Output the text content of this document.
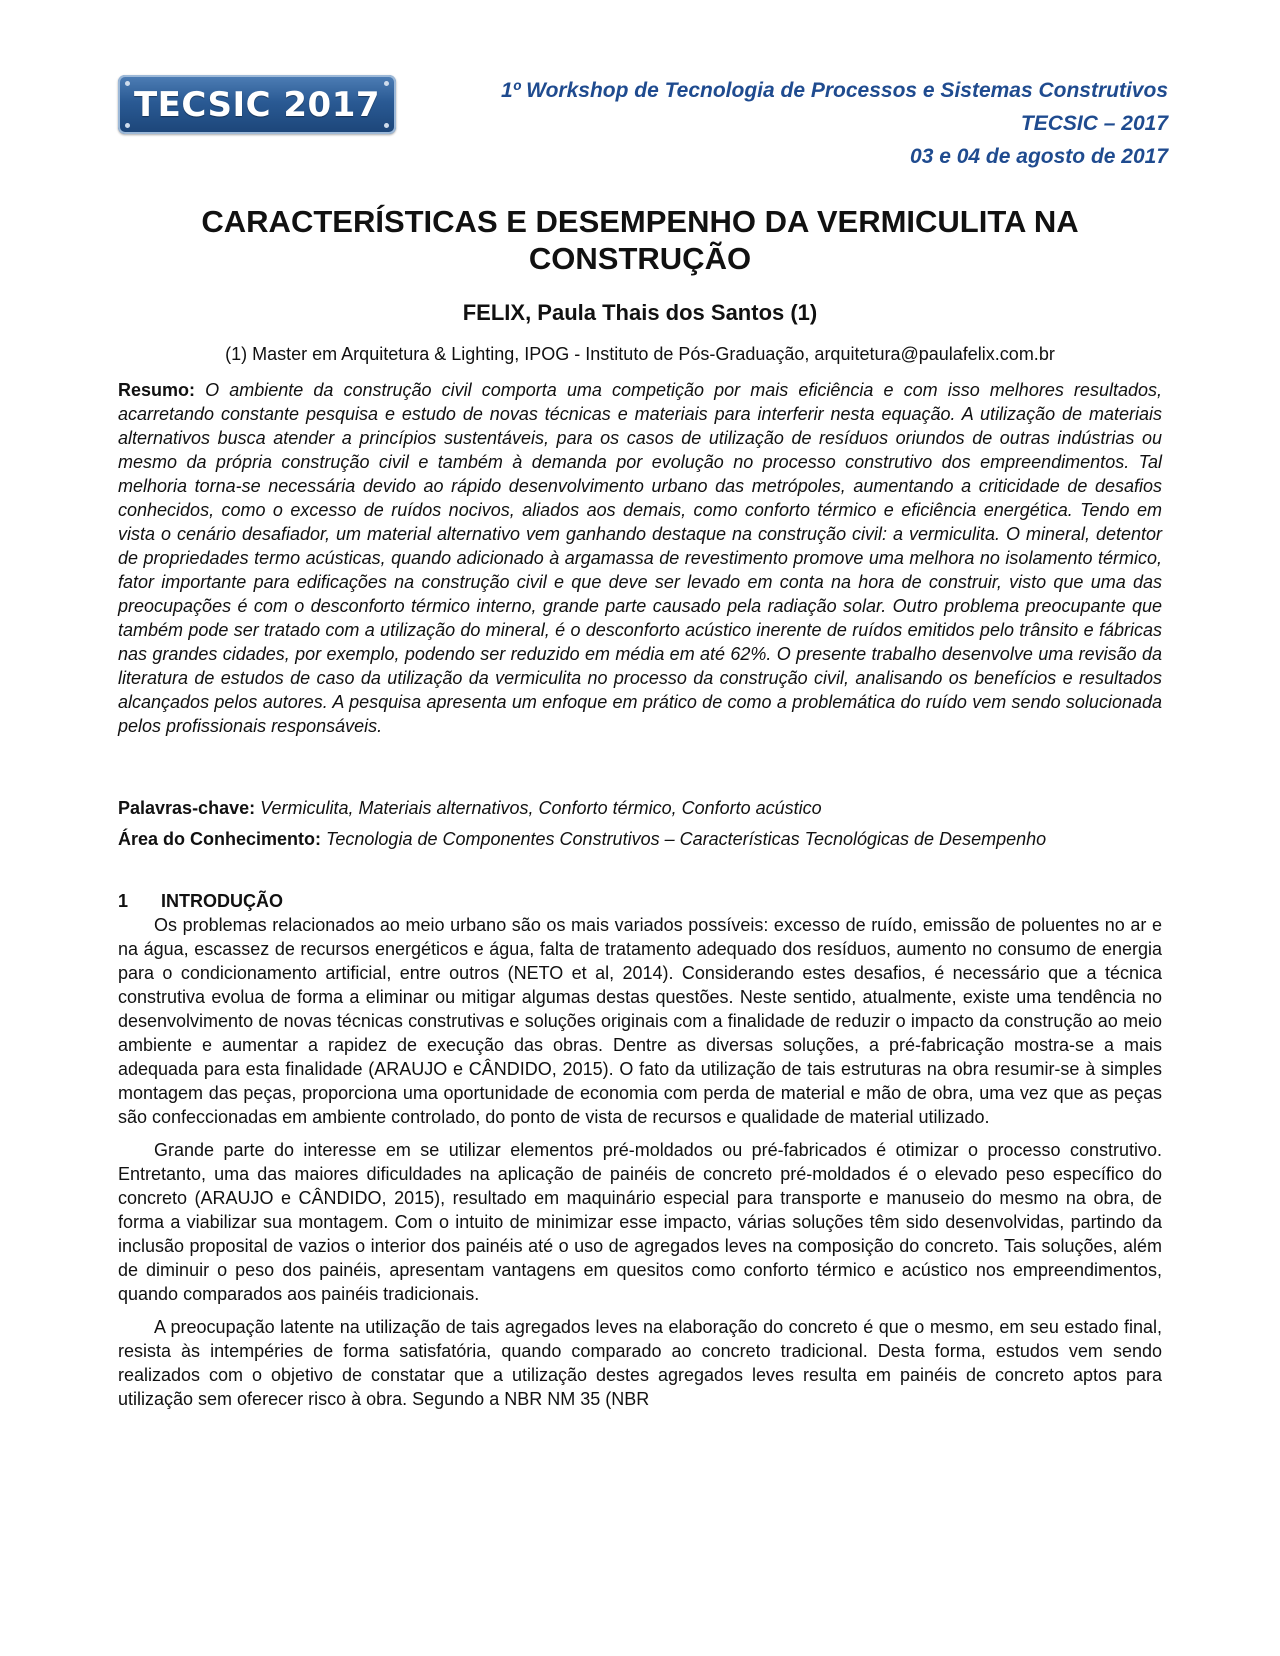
TECSIC 2017	1º Workshop de Tecnologia de Processos e Sistemas Construtivos
TECSIC – 2017
03 e 04 de agosto de 2017
CARACTERÍSTICAS E DESEMPENHO DA VERMICULITA NA CONSTRUÇÃO
FELIX, Paula Thais dos Santos (1)
(1) Master em Arquitetura & Lighting, IPOG - Instituto de Pós-Graduação, arquitetura@paulafelix.com.br
Resumo: O ambiente da construção civil comporta uma competição por mais eficiência e com isso melhores resultados, acarretando constante pesquisa e estudo de novas técnicas e materiais para interferir nesta equação. A utilização de materiais alternativos busca atender a princípios sustentáveis, para os casos de utilização de resíduos oriundos de outras indústrias ou mesmo da própria construção civil e também à demanda por evolução no processo construtivo dos empreendimentos. Tal melhoria torna-se necessária devido ao rápido desenvolvimento urbano das metrópoles, aumentando a criticidade de desafios conhecidos, como o excesso de ruídos nocivos, aliados aos demais, como conforto térmico e eficiência energética. Tendo em vista o cenário desafiador, um material alternativo vem ganhando destaque na construção civil: a vermiculita. O mineral, detentor de propriedades termo acústicas, quando adicionado à argamassa de revestimento promove uma melhora no isolamento térmico, fator importante para edificações na construção civil e que deve ser levado em conta na hora de construir, visto que uma das preocupações é com o desconforto térmico interno, grande parte causado pela radiação solar. Outro problema preocupante que também pode ser tratado com a utilização do mineral, é o desconforto acústico inerente de ruídos emitidos pelo trânsito e fábricas nas grandes cidades, por exemplo, podendo ser reduzido em média em até 62%. O presente trabalho desenvolve uma revisão da literatura de estudos de caso da utilização da vermiculita no processo da construção civil, analisando os benefícios e resultados alcançados pelos autores. A pesquisa apresenta um enfoque em prático de como a problemática do ruído vem sendo solucionada pelos profissionais responsáveis.
Palavras-chave: Vermiculita, Materiais alternativos, Conforto térmico, Conforto acústico
Área do Conhecimento: Tecnologia de Componentes Construtivos – Características Tecnológicas de Desempenho
1 INTRODUÇÃO

Os problemas relacionados ao meio urbano são os mais variados possíveis: excesso de ruído, emissão de poluentes no ar e na água, escassez de recursos energéticos e água, falta de tratamento adequado dos resíduos, aumento no consumo de energia para o condicionamento artificial, entre outros (NETO et al, 2014). Considerando estes desafios, é necessário que a técnica construtiva evolua de forma a eliminar ou mitigar algumas destas questões. Neste sentido, atualmente, existe uma tendência no desenvolvimento de novas técnicas construtivas e soluções originais com a finalidade de reduzir o impacto da construção ao meio ambiente e aumentar a rapidez de execução das obras. Dentre as diversas soluções, a pré-fabricação mostra-se a mais adequada para esta finalidade (ARAUJO e CÂNDIDO, 2015). O fato da utilização de tais estruturas na obra resumir-se à simples montagem das peças, proporciona uma oportunidade de economia com perda de material e mão de obra, uma vez que as peças são confeccionadas em ambiente controlado, do ponto de vista de recursos e qualidade de material utilizado.

Grande parte do interesse em se utilizar elementos pré-moldados ou pré-fabricados é otimizar o processo construtivo. Entretanto, uma das maiores dificuldades na aplicação de painéis de concreto pré-moldados é o elevado peso específico do concreto (ARAUJO e CÂNDIDO, 2015), resultado em maquinário especial para transporte e manuseio do mesmo na obra, de forma a viabilizar sua montagem. Com o intuito de minimizar esse impacto, várias soluções têm sido desenvolvidas, partindo da inclusão proposital de vazios o interior dos painéis até o uso de agregados leves na composição do concreto. Tais soluções, além de diminuir o peso dos painéis, apresentam vantagens em quesitos como conforto térmico e acústico nos empreendimentos, quando comparados aos painéis tradicionais.

A preocupação latente na utilização de tais agregados leves na elaboração do concreto é que o mesmo, em seu estado final, resista às intempéries de forma satisfatória, quando comparado ao concreto tradicional. Desta forma, estudos vem sendo realizados com o objetivo de constatar que a utilização destes agregados leves resulta em painéis de concreto aptos para utilização sem oferecer risco à obra. Segundo a NBR NM 35 (NBR
